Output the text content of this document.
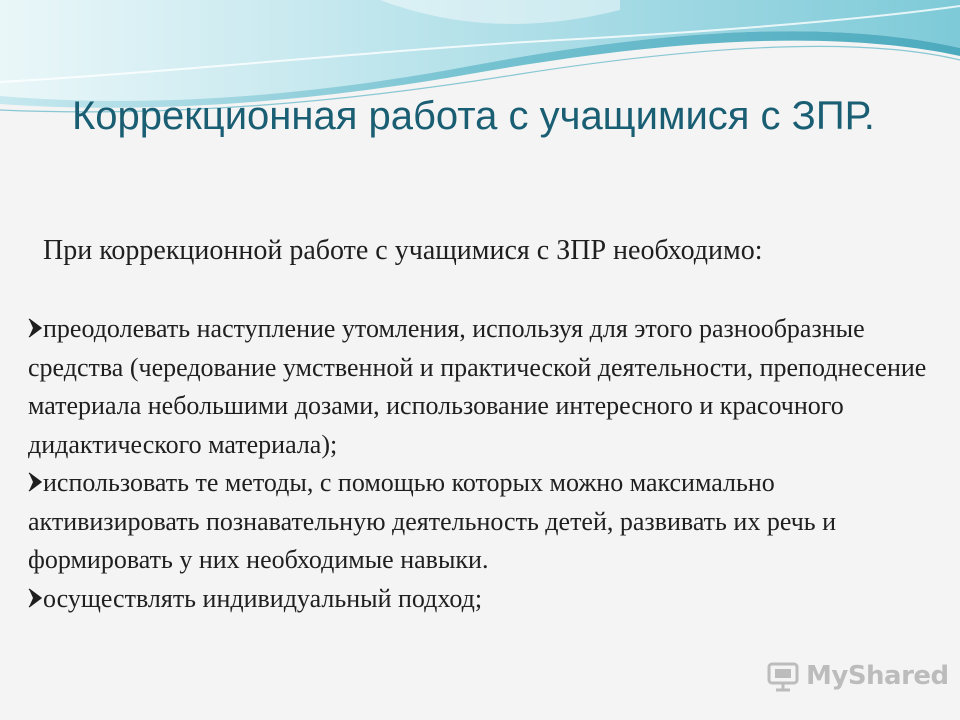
Коррекционная работа с учащимися с ЗПР.

При коррекционной работе с учащимися с ЗПР необходимо:

преодолевать наступление утомления, используя для этого разнообразные средства (чередование умственной и практической деятельности, преподнесение материала небольшими дозами, использование интересного и красочного дидактического материала);
использовать те методы, с помощью которых можно максимально активизировать познавательную деятельность детей, развивать их речь и формировать у них необходимые навыки.
осуществлять индивидуальный подход;
MyShared
